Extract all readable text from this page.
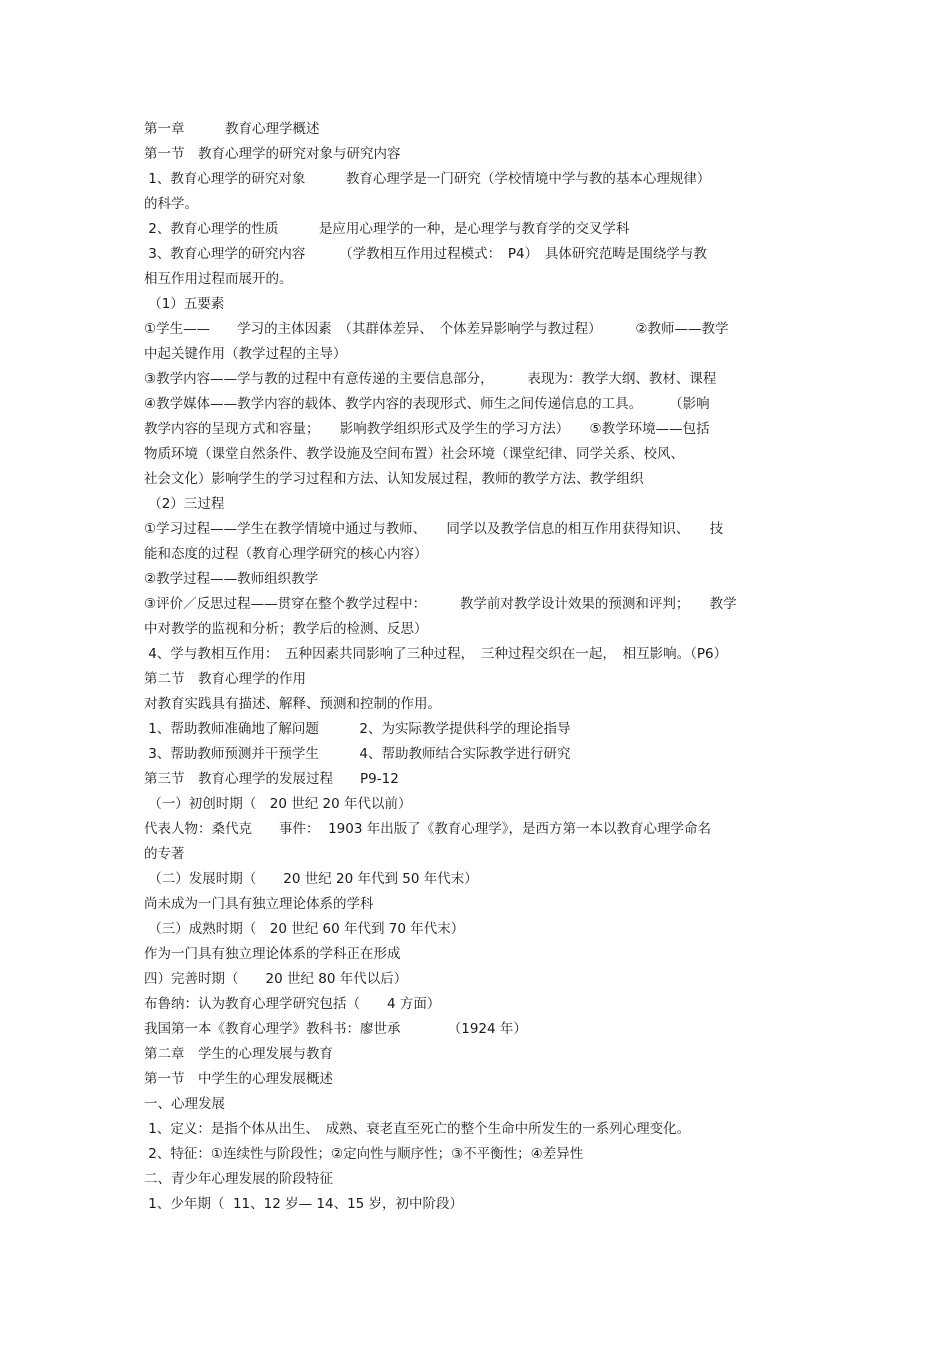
第一章　　　教育心理学概述
第一节　教育心理学的研究对象与研究内容
1、教育心理学的研究对象　　　教育心理学是一门研究（学校情境中学与教的基本心理规律）
的科学。
2、教育心理学的性质　　　是应用心理学的一种，是心理学与教育学的交叉学科
3、教育心理学的研究内容　　　（学教相互作用过程模式：　P4）　具体研究范畴是围绕学与教
相互作用过程而展开的。
（1）五要素
①学生——　　学习的主体因素　（其群体差异、　个体差异影响学与教过程）　　　②教师——教学
中起关键作用（教学过程的主导）
③教学内容——学与教的过程中有意传递的主要信息部分，　　　表现为：教学大纲、教材、课程
④教学媒体——教学内容的载体、教学内容的表现形式、师生之间传递信息的工具。　　　（影响
教学内容的呈现方式和容量；　　影响教学组织形式及学生的学习方法）　　⑤教学环境——包括
物质环境（课堂自然条件、教学设施及空间布置）社会环境（课堂纪律、同学关系、校风、
社会文化）影响学生的学习过程和方法、认知发展过程，教师的教学方法、教学组织
（2）三过程
①学习过程——学生在教学情境中通过与教师、　　同学以及教学信息的相互作用获得知识、　　技
能和态度的过程（教育心理学研究的核心内容）
②教学过程——教师组织教学
③评价／反思过程——贯穿在整个教学过程中：　　　教学前对教学设计效果的预测和评判；　　教学
中对教学的监视和分析；教学后的检测、反思）
4、学与教相互作用：　五种因素共同影响了三种过程，　三种过程交织在一起，　相互影响。（P6）
第二节　教育心理学的作用
对教育实践具有描述、解释、预测和控制的作用。
1、帮助教师准确地了解问题　　　2、为实际教学提供科学的理论指导
3、帮助教师预测并干预学生　　　4、帮助教师结合实际教学进行研究
第三节　教育心理学的发展过程　　P9-12
（一）初创时期（　20 世纪 20 年代以前）
代表人物：桑代克　　事件：  1903 年出版了《教育心理学》，是西方第一本以教育心理学命名
的专著
（二）发展时期（　　20 世纪 20 年代到 50 年代末）
尚未成为一门具有独立理论体系的学科
（三）成熟时期（　20 世纪 60 年代到 70 年代末）
作为一门具有独立理论体系的学科正在形成
四）完善时期（　　20 世纪 80 年代以后）
布鲁纳：认为教育心理学研究包括（　　4 方面）
我国第一本《教育心理学》教科书：廖世承　　　　（1924 年）
第二章　学生的心理发展与教育
第一节　中学生的心理发展概述
一、心理发展
1、定义：是指个体从出生、　成熟、衰老直至死亡的整个生命中所发生的一系列心理变化。
2、特征：①连续性与阶段性；②定向性与顺序性；③不平衡性；④差异性
二、青少年心理发展的阶段特征
1、少年期（  11、12 岁— 14、15 岁，初中阶段）
